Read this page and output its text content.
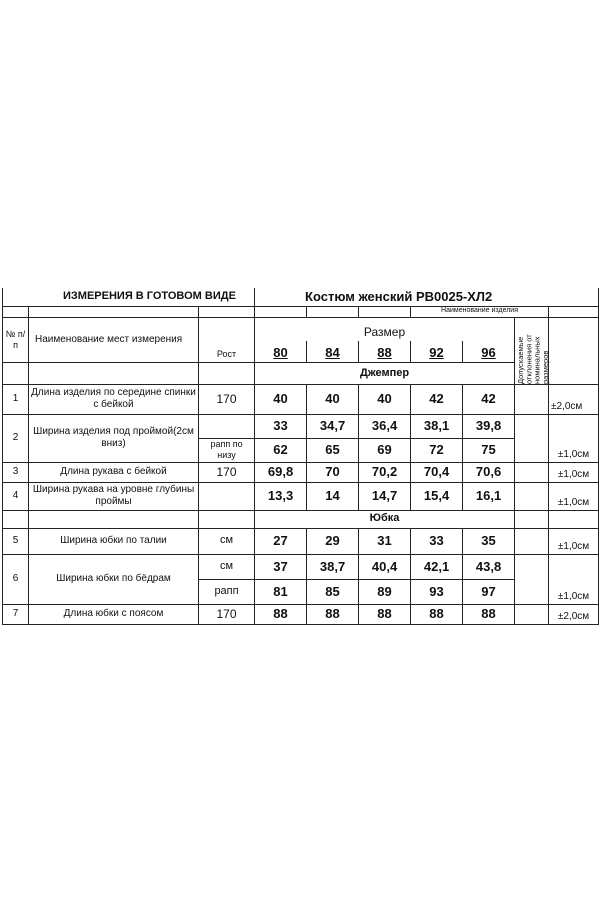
ИЗМЕРЕНИЯ В ГОТОВОМ ВИДЕ			Костюм женский РВ0025-ХЛ2						
						Наименование изделия			
№ п/п	Наименование мест измерения	Рост	Размер					Допускаемые отклонения от номинальных размеров	

			80	84	88	92	96		
			Джемпер						
1	Длина изделия по середине спинки с бейкой	170	40	40	40	42	42		±2,0см
2	Ширина изделия под проймой(2см вниз)		33	34,7	36,4	38,1	39,8		±1,0см
		рапп по низу	62	65	69	72	75		
3	Длина рукава с бейкой	170	69,8	70	70,2	70,4	70,6		±1,0см
4	Ширина рукава на уровне глубины проймы		13,3	14	14,7	15,4	16,1		±1,0см
			Юбка						
5	Ширина юбки по талии	см	27	29	31	33	35		±1,0см
6	Ширина юбки по бёдрам	см	37	38,7	40,4	42,1	43,8		±1,0см
		рапп	81	85	89	93	97		
7	Длина юбки с поясом	170	88	88	88	88	88		±2,0см
